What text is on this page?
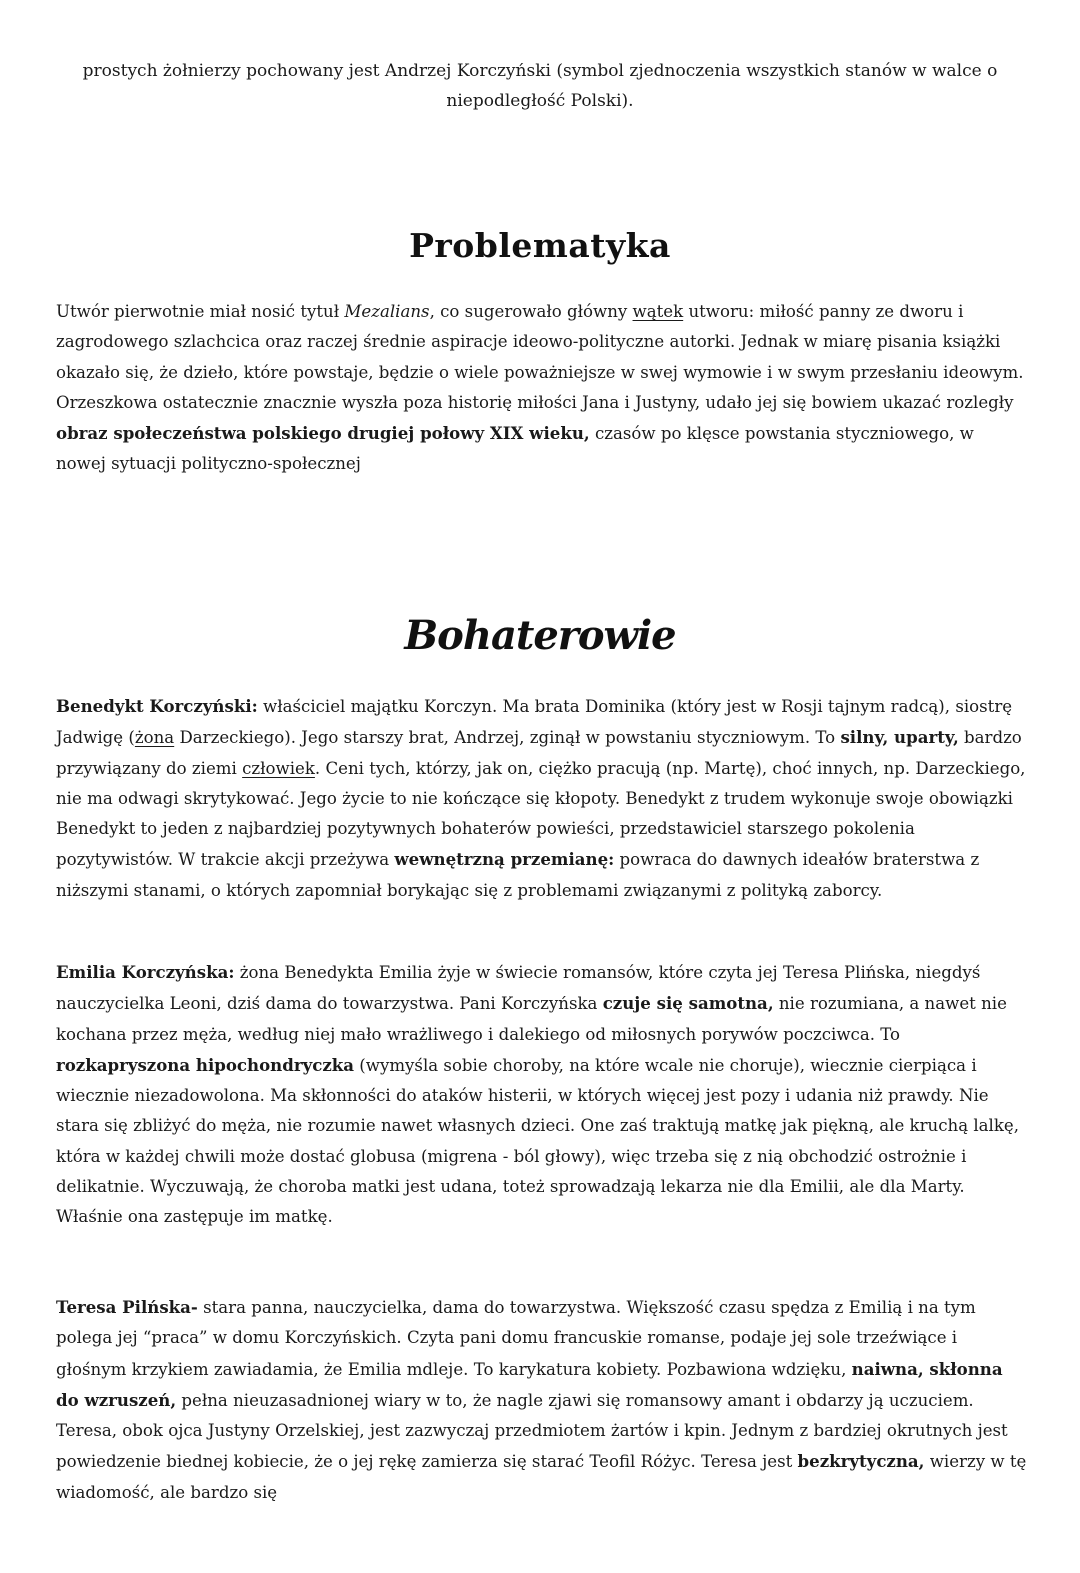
prostych żołnierzy pochowany jest Andrzej Korczyński (symbol zjednoczenia wszystkich stanów w walce o
niepodległość Polski).
Problematyka

Utwór pierwotnie miał nosić tytuł Mezalians, co sugerowało główny wątek utworu: miłość panny ze dworu i zagrodowego szlachcica oraz raczej średnie aspiracje ideowo-polityczne autorki. Jednak w miarę pisania książki okazało się, że dzieło, które powstaje, będzie o wiele poważniejsze w swej wymowie i w swym przesłaniu ideowym. Orzeszkowa ostatecznie znacznie wyszła poza historię miłości Jana i Justyny, udało jej się bowiem ukazać rozległy obraz społeczeństwa polskiego drugiej połowy XIX wieku, czasów po klęsce powstania styczniowego, w nowej sytuacji polityczno-społecznej

Bohaterowie

Benedykt Korczyński: właściciel majątku Korczyn. Ma brata Dominika (który jest w Rosji tajnym radcą), siostrę Jadwigę (żona Darzeckiego). Jego starszy brat, Andrzej, zginął w powstaniu styczniowym. To silny, uparty, bardzo przywiązany do ziemi człowiek. Ceni tych, którzy, jak on, ciężko pracują (np. Martę), choć innych, np. Darzeckiego, nie ma odwagi skrytykować. Jego życie to nie kończące się kłopoty. Benedykt z trudem wykonuje swoje obowiązki Benedykt to jeden z najbardziej pozytywnych bohaterów powieści, przedstawiciel starszego pokolenia pozytywistów. W trakcie akcji przeżywa wewnętrzną przemianę: powraca do dawnych ideałów braterstwa z niższymi stanami, o których zapomniał borykając się z problemami związanymi z polityką zaborcy.

Emilia Korczyńska: żona Benedykta Emilia żyje w świecie romansów, które czyta jej Teresa Plińska, niegdyś nauczycielka Leoni, dziś dama do towarzystwa. Pani Korczyńska czuje się samotna, nie rozumiana, a nawet nie kochana przez męża, według niej mało wrażliwego i dalekiego od miłosnych porywów poczciwca. To rozkapryszona hipochondryczka (wymyśla sobie choroby, na które wcale nie choruje), wiecznie cierpiąca i wiecznie niezadowolona. Ma skłonności do ataków histerii, w których więcej jest pozy i udania niż prawdy. Nie stara się zbliżyć do męża, nie rozumie nawet własnych dzieci. One zaś traktują matkę jak piękną, ale kruchą lalkę, która w każdej chwili może dostać globusa (migrena - ból głowy), więc trzeba się z nią obchodzić ostrożnie i delikatnie. Wyczuwają, że choroba matki jest udana, toteż sprowadzają lekarza nie dla Emilii, ale dla Marty. Właśnie ona zastępuje im matkę.

Teresa Pilńska- stara panna, nauczycielka, dama do towarzystwa. Większość czasu spędza z Emilią i na tym polega jej “praca” w domu Korczyńskich. Czyta pani domu francuskie romanse, podaje jej sole trzeźwiące i głośnym krzykiem zawiadamia, że Emilia mdleje. To karykatura kobiety. Pozbawiona wdzięku, naiwna, skłonna do wzruszeń, pełna nieuzasadnionej wiary w to, że nagle zjawi się romansowy amant i obdarzy ją uczuciem. Teresa, obok ojca Justyny Orzelskiej, jest zazwyczaj przedmiotem żartów i kpin. Jednym z bardziej okrutnych jest powiedzenie biednej kobiecie, że o jej rękę zamierza się starać Teofil Różyc. Teresa jest bezkrytyczna, wierzy w tę wiadomość, ale bardzo się
